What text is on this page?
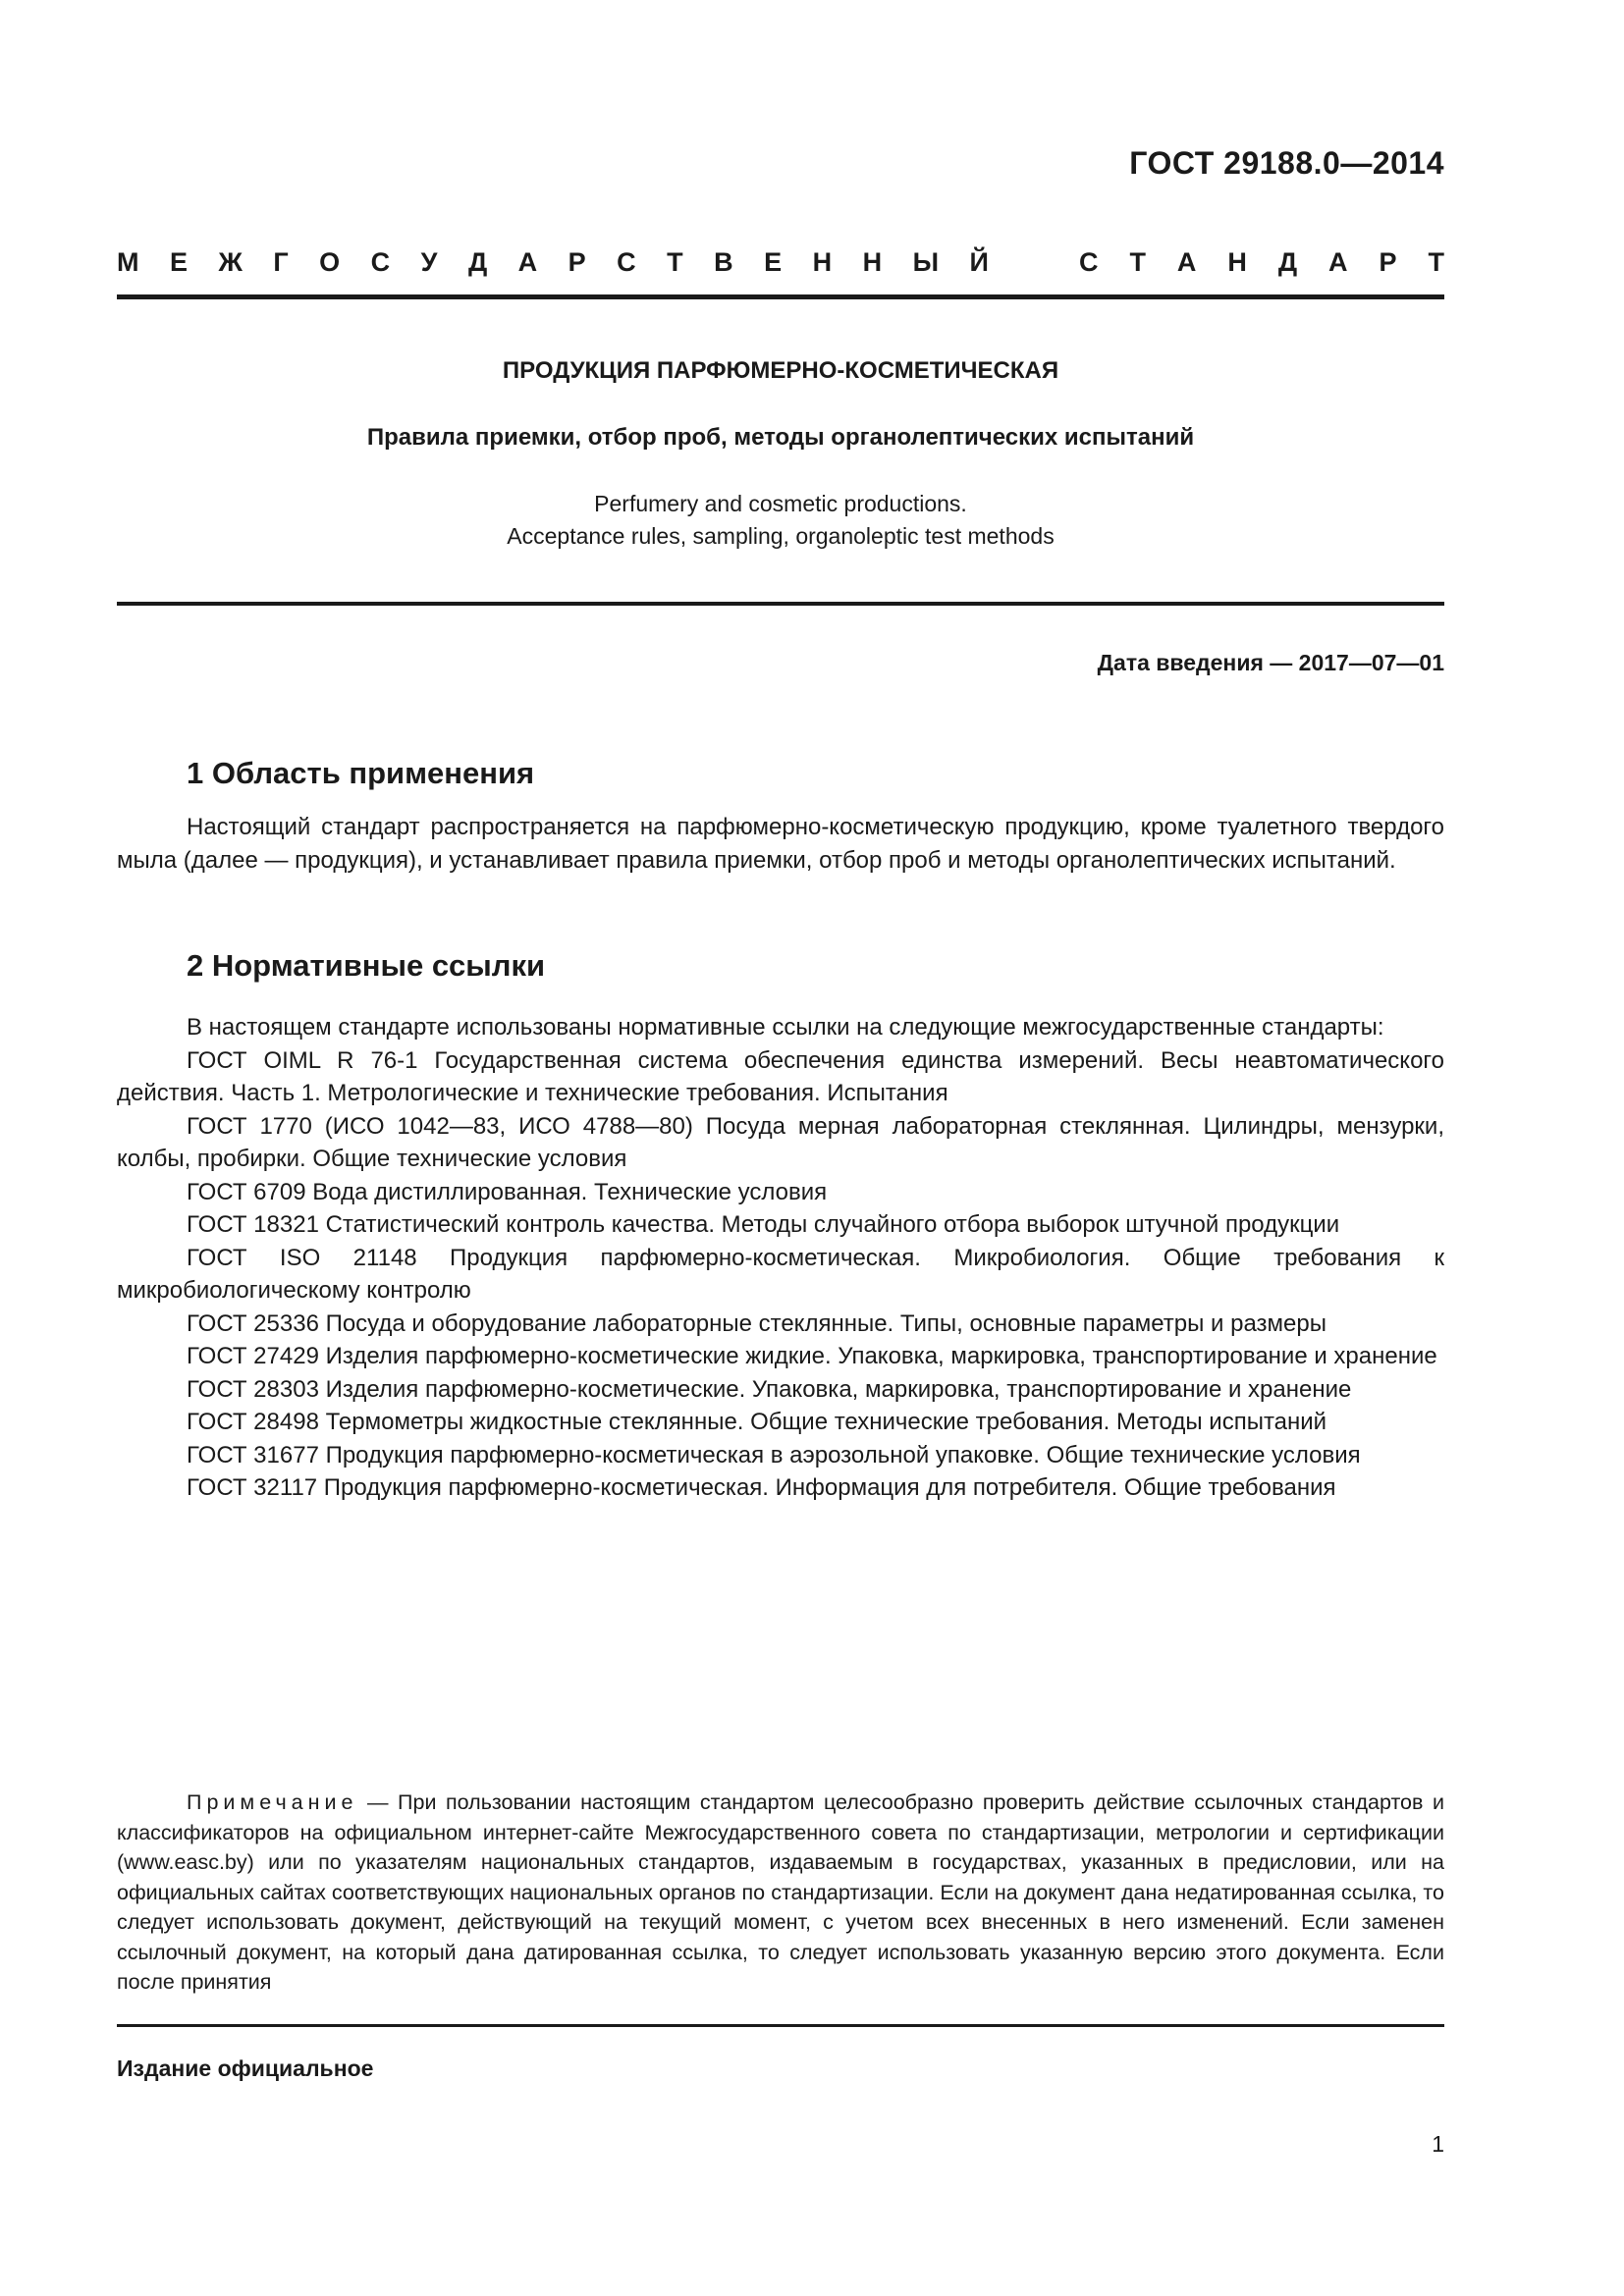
ГОСТ 29188.0—2014
М Е Ж Г О С У Д А Р С Т В Е Н Н Ы Й	С Т А Н Д А Р Т
ПРОДУКЦИЯ ПАРФЮМЕРНО-КОСМЕТИЧЕСКАЯ
Правила приемки, отбор проб, методы органолептических испытаний
Perfumery and cosmetic productions.
Acceptance rules, sampling, organoleptic test methods
Дата введения — 2017—07—01
1 Область применения

Настоящий стандарт распространяется на парфюмерно-косметическую продукцию, кроме туалетного твердого мыла (далее — продукция), и устанавливает правила приемки, отбор проб и методы органолептических испытаний.

2 Нормативные ссылки

В настоящем стандарте использованы нормативные ссылки на следующие межгосударственные стандарты:

ГОСТ OIML R 76-1 Государственная система обеспечения единства измерений. Весы неавтоматического действия. Часть 1. Метрологические и технические требования. Испытания

ГОСТ 1770 (ИСО 1042—83, ИСО 4788—80) Посуда мерная лабораторная стеклянная. Цилиндры, мензурки, колбы, пробирки. Общие технические условия

ГОСТ 6709 Вода дистиллированная. Технические условия

ГОСТ 18321 Статистический контроль качества. Методы случайного отбора выборок штучной продукции

ГОСТ ISO 21148 Продукция парфюмерно-косметическая. Микробиология. Общие требования к микробиологическому контролю

ГОСТ 25336 Посуда и оборудование лабораторные стеклянные. Типы, основные параметры и размеры

ГОСТ 27429 Изделия парфюмерно-косметические жидкие. Упаковка, маркировка, транспортирование и хранение

ГОСТ 28303 Изделия парфюмерно-косметические. Упаковка, маркировка, транспортирование и хранение

ГОСТ 28498 Термометры жидкостные стеклянные. Общие технические требования. Методы испытаний

ГОСТ 31677 Продукция парфюмерно-косметическая в аэрозольной упаковке. Общие технические условия

ГОСТ 32117 Продукция парфюмерно-косметическая. Информация для потребителя. Общие требования

Примечание — При пользовании настоящим стандартом целесообразно проверить действие ссылочных стандартов и классификаторов на официальном интернет-сайте Межгосударственного совета по стандартизации, метрологии и сертификации (www.easc.by) или по указателям национальных стандартов, издаваемым в государствах, указанных в предисловии, или на официальных сайтах соответствующих национальных органов по стандартизации. Если на документ дана недатированная ссылка, то следует использовать документ, действующий на текущий момент, с учетом всех внесенных в него изменений. Если заменен ссылочный документ, на который дана датированная ссылка, то следует использовать указанную версию этого документа. Если после принятия
Издание официальное
1
